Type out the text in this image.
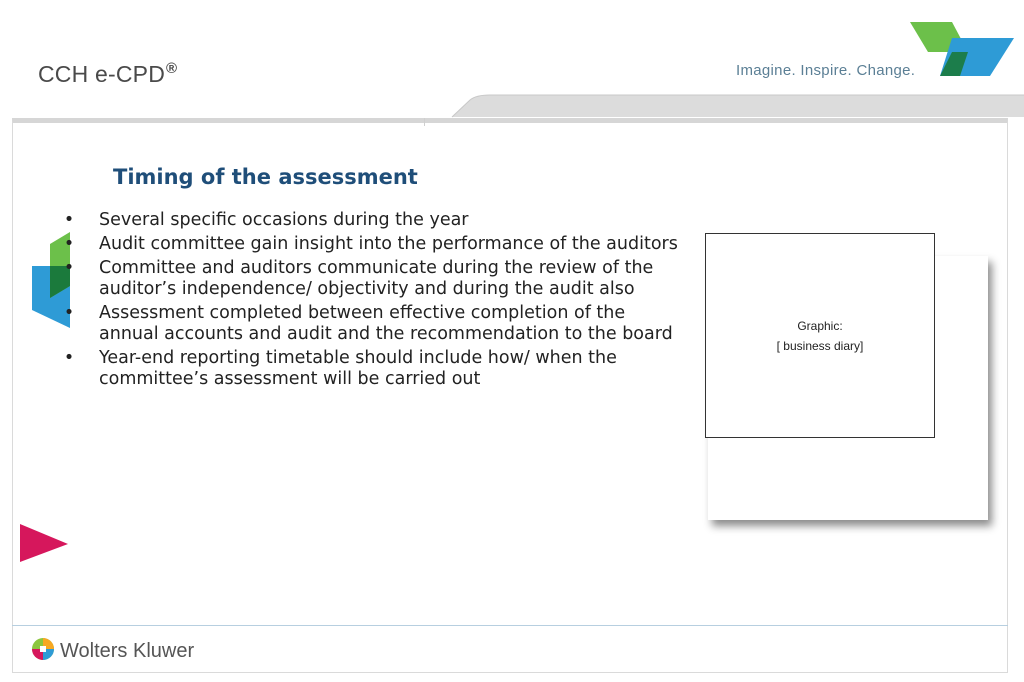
CCH e-CPD®	Imagine. Inspire. Change.
Timing of the assessment
• Several specific occasions during the year
• Audit committee gain insight into the performance of the auditors
• Committee and auditors communicate during the review of the auditor’s independence/ objectivity and during the audit also
• Assessment completed between effective completion of the annual accounts and audit and the recommendation to the board
• Year-end reporting timetable should include how/ when the committee’s assessment will be carried out
Graphic:
[ business diary]
Wolters Kluwer
